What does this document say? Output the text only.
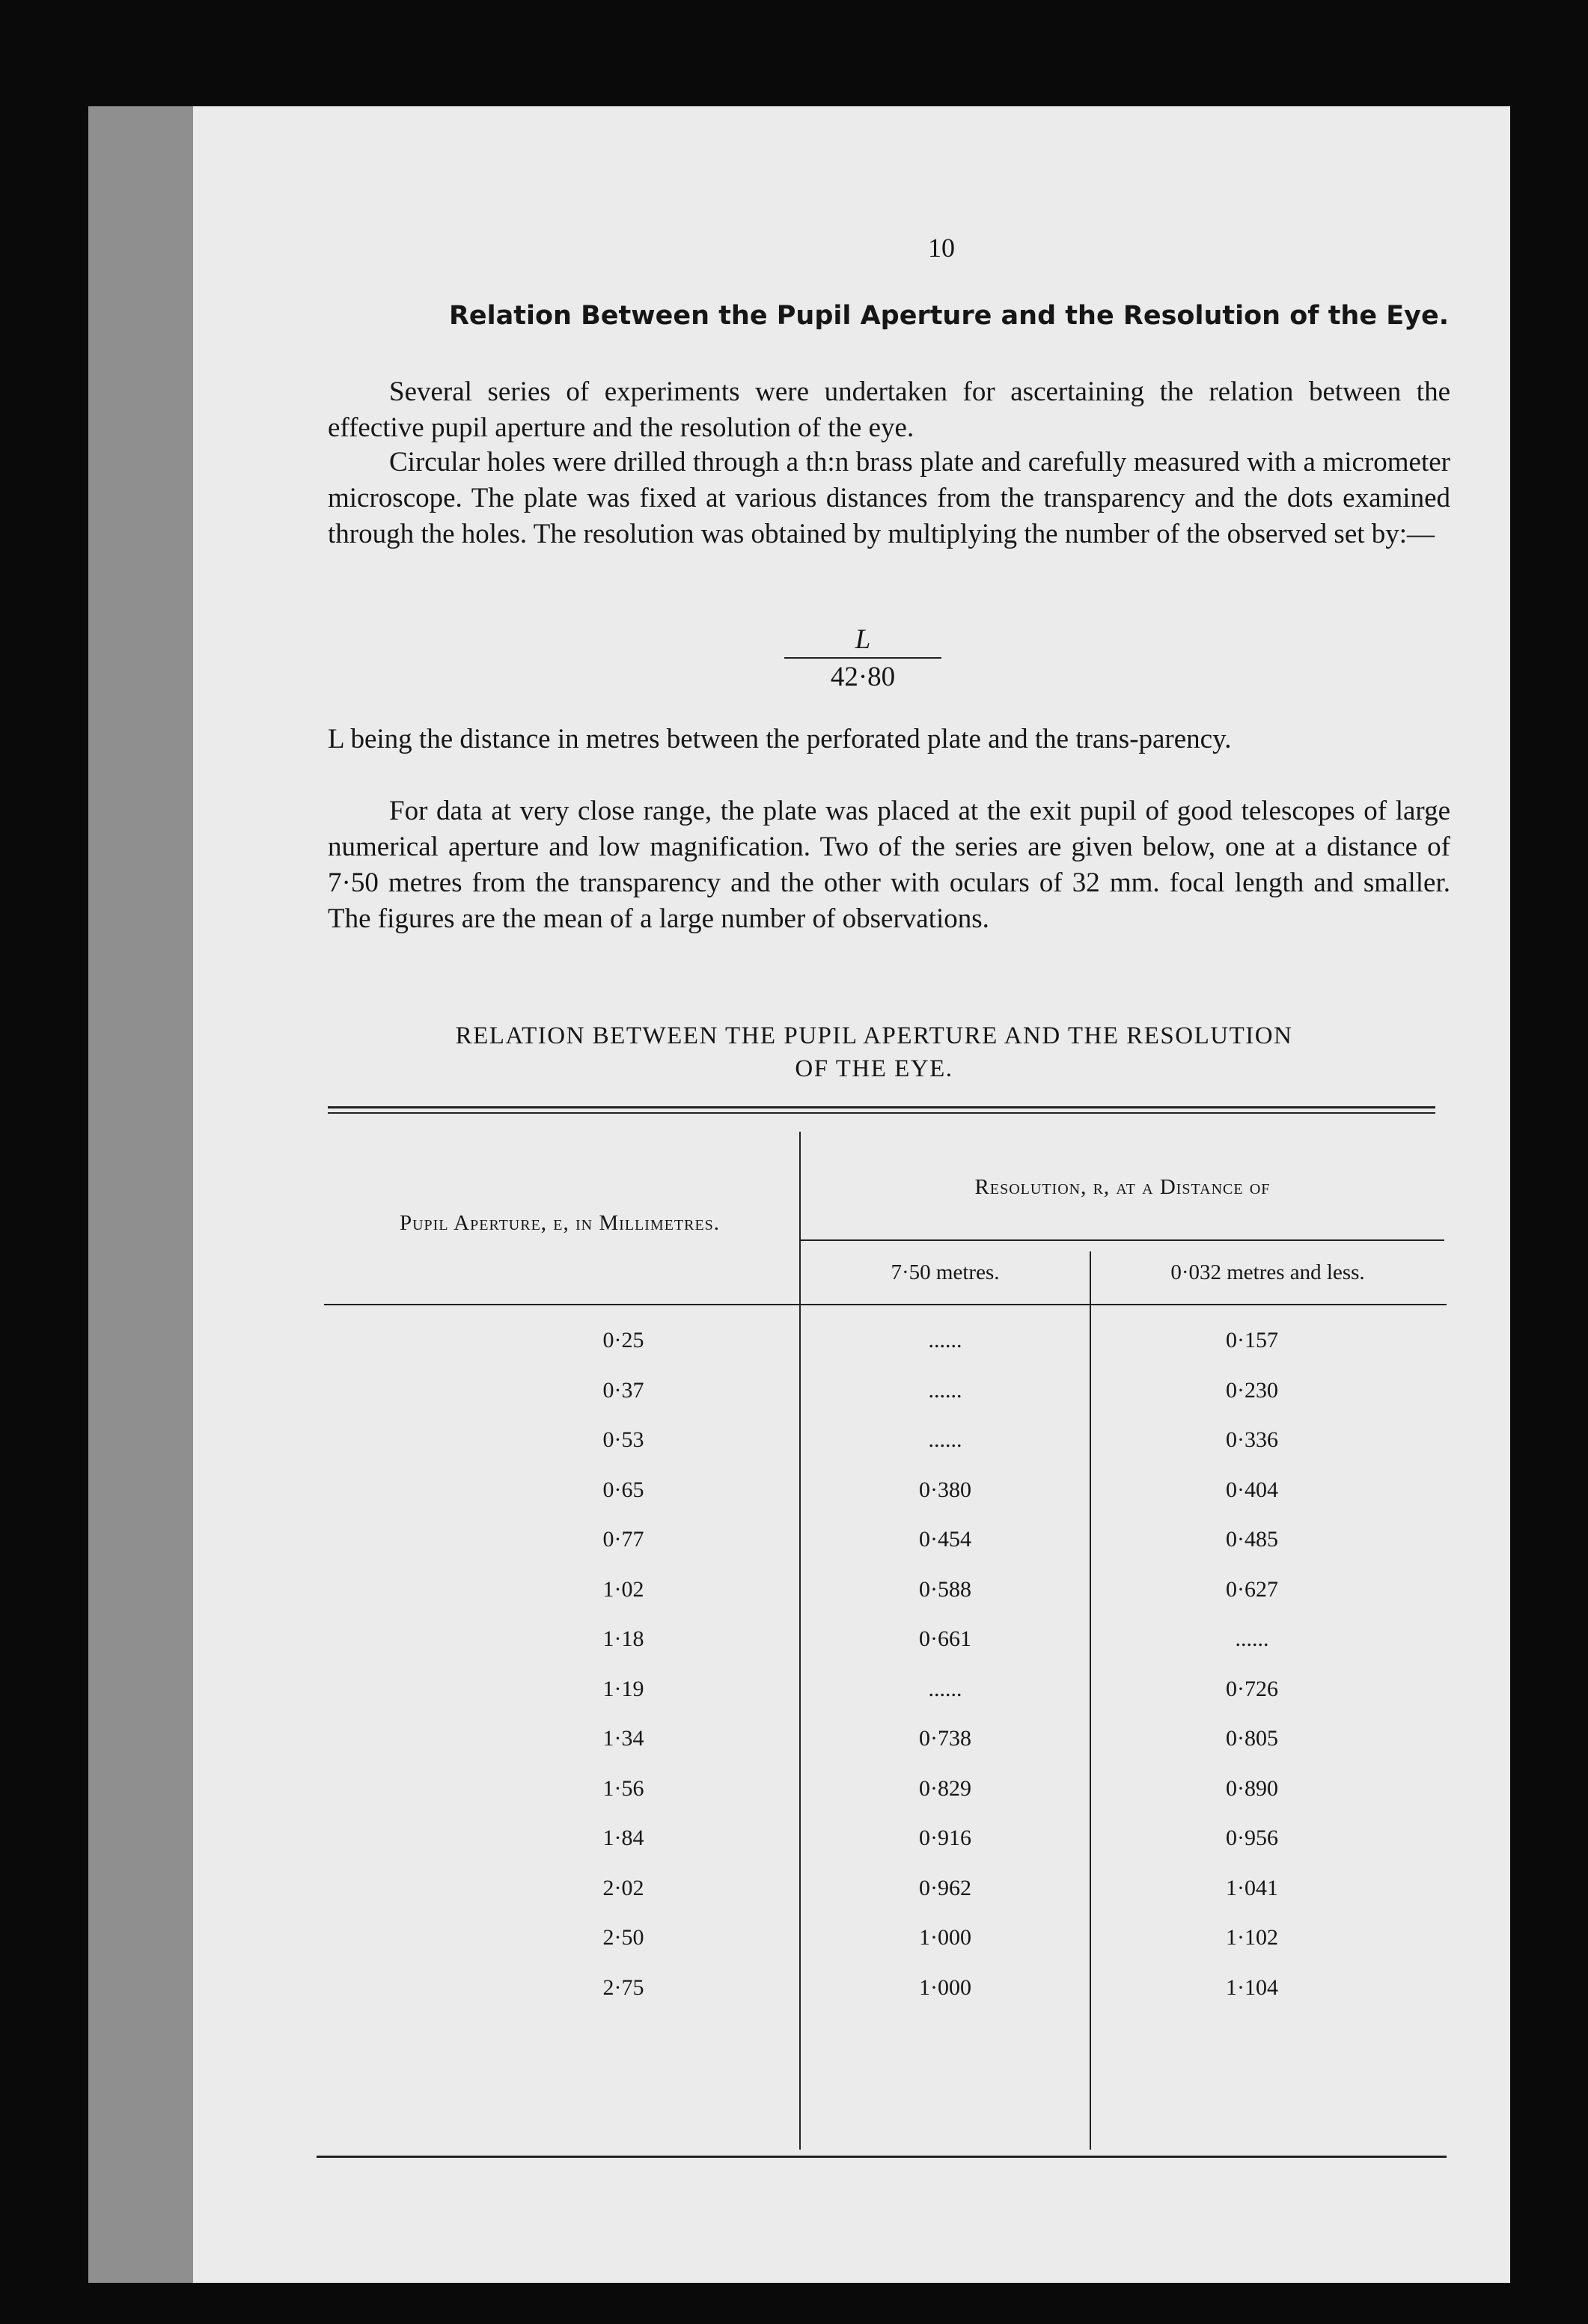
10
Relation Between the Pupil Aperture and the Resolution of the Eye.

Several series of experiments were undertaken for ascertaining the relation between the effective pupil aperture and the resolution of the eye.

Circular holes were drilled through a th:n brass plate and carefully measured with a micrometer microscope. The plate was fixed at various distances from the transparency and the dots examined through the holes. The resolution was obtained by multiplying the number of the observed set by:—

$\frac{L}{42\cdot 80}$

L being the distance in metres between the perforated plate and the trans-parency.

For data at very close range, the plate was placed at the exit pupil of good telescopes of large numerical aperture and low magnification. Two of the series are given below, one at a distance of 7·50 metres from the transparency and the other with oculars of 32 mm. focal length and smaller. The figures are the mean of a large number of observations.

RELATION BETWEEN THE PUPIL APERTURE AND THE RESOLUTION
OF THE EYE.
Pupil Aperture, e, in Millimetres.
Resolution, r, at a Distance of
7·50 metres.	0·032 metres and less.
0·25	......	0·157
0·37	......	0·230
0·53	......	0·336
0·65	0·380	0·404
0·77	0·454	0·485
1·02	0·588	0·627
1·18	0·661	......
1·19	......	0·726
1·34	0·738	0·805
1·56	0·829	0·890
1·84	0·916	0·956
2·02	0·962	1·041
2·50	1·000	1·102
2·75	1·000	1·104
